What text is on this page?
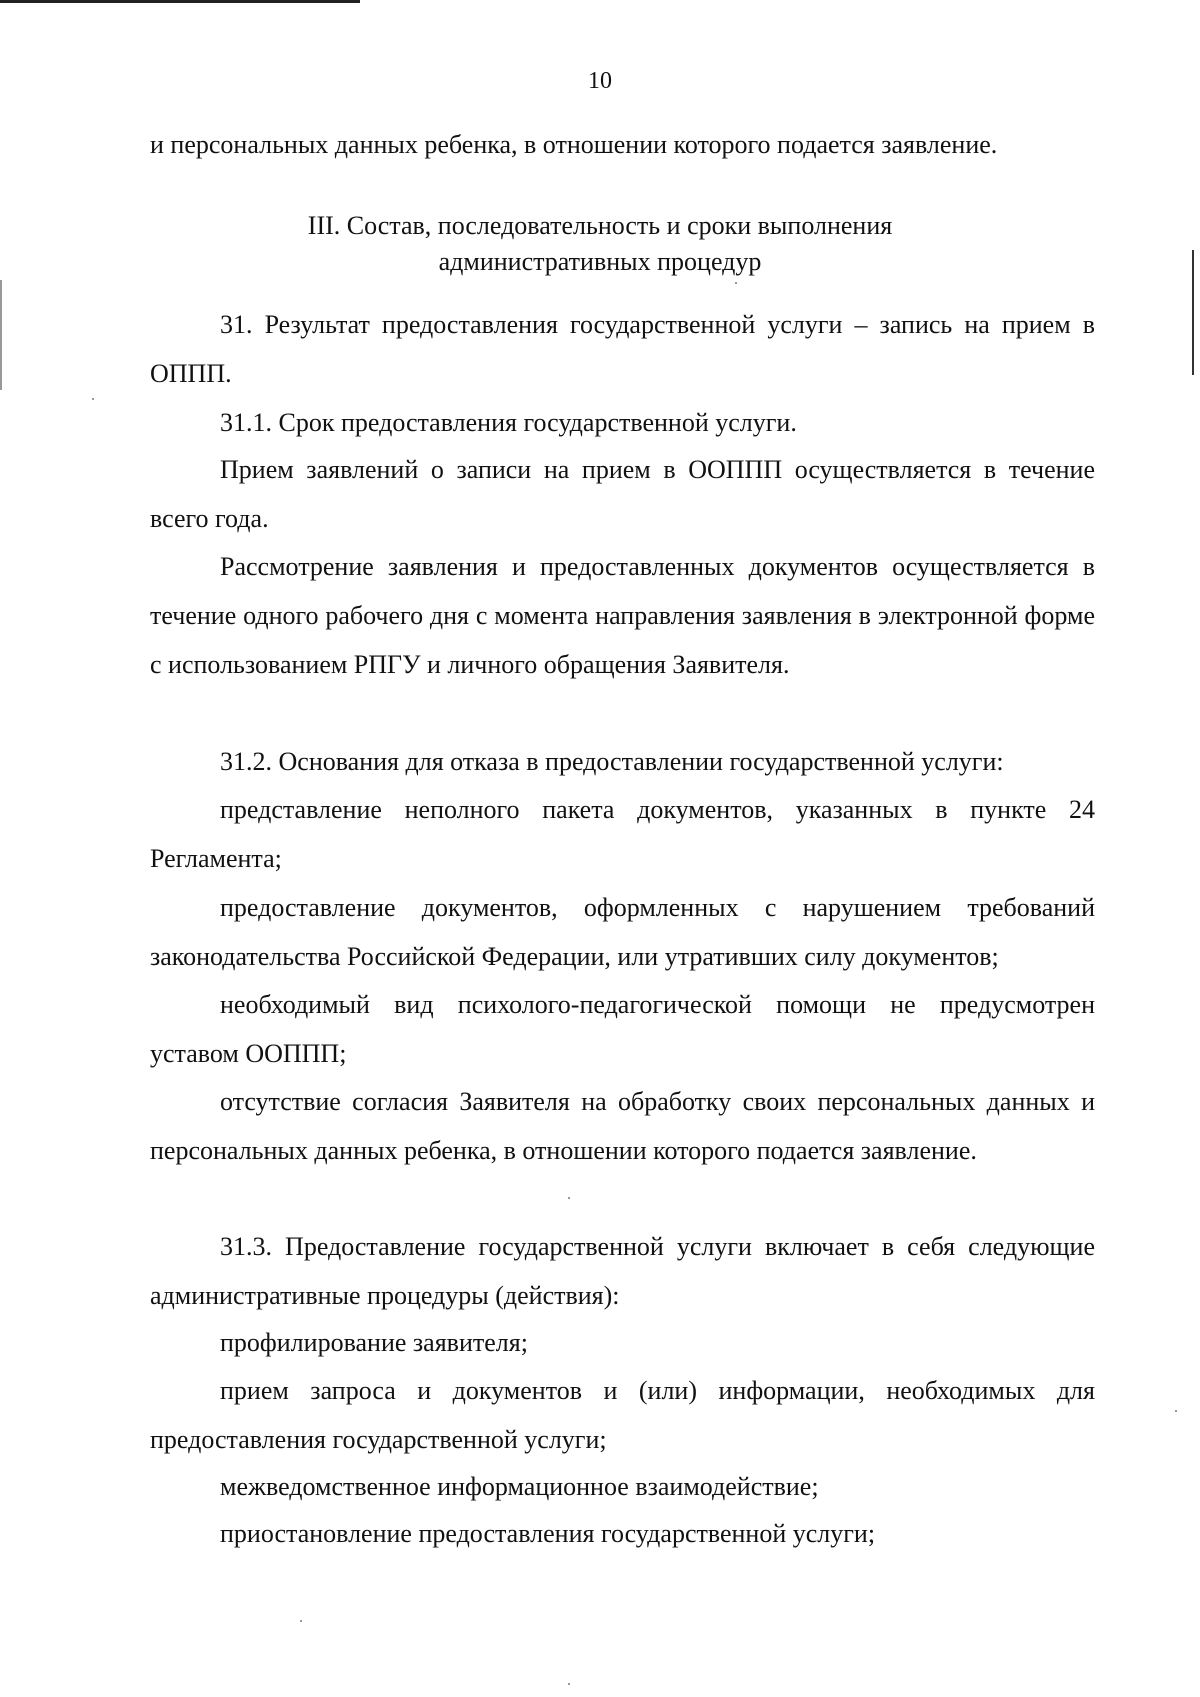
10

и персональных данных ребенка, в отношении которого подается заявление.

III. Состав, последовательность и сроки выполнения
административных процедур

31. Результат предоставления государственной услуги – запись на прием в ОППП.

31.1. Срок предоставления государственной услуги.

Прием заявлений о записи на прием в ООППП осуществляется в течение всего года.

Рассмотрение заявления и предоставленных документов осуществляется в течение одного рабочего дня с момента направления заявления в электронной форме с использованием РПГУ и личного обращения Заявителя.

31.2. Основания для отказа в предоставлении государственной услуги:

представление неполного пакета документов, указанных в пункте 24 Регламента;

предоставление документов, оформленных с нарушением требований законодательства Российской Федерации, или утративших силу документов;

необходимый вид психолого-педагогической помощи не предусмотрен уставом ООППП;

отсутствие согласия Заявителя на обработку своих персональных данных и персональных данных ребенка, в отношении которого подается заявление.

31.3. Предоставление государственной услуги включает в себя следующие административные процедуры (действия):

профилирование заявителя;

прием запроса и документов и (или) информации, необходимых для предоставления государственной услуги;

межведомственное информационное взаимодействие;

приостановление предоставления государственной услуги;
